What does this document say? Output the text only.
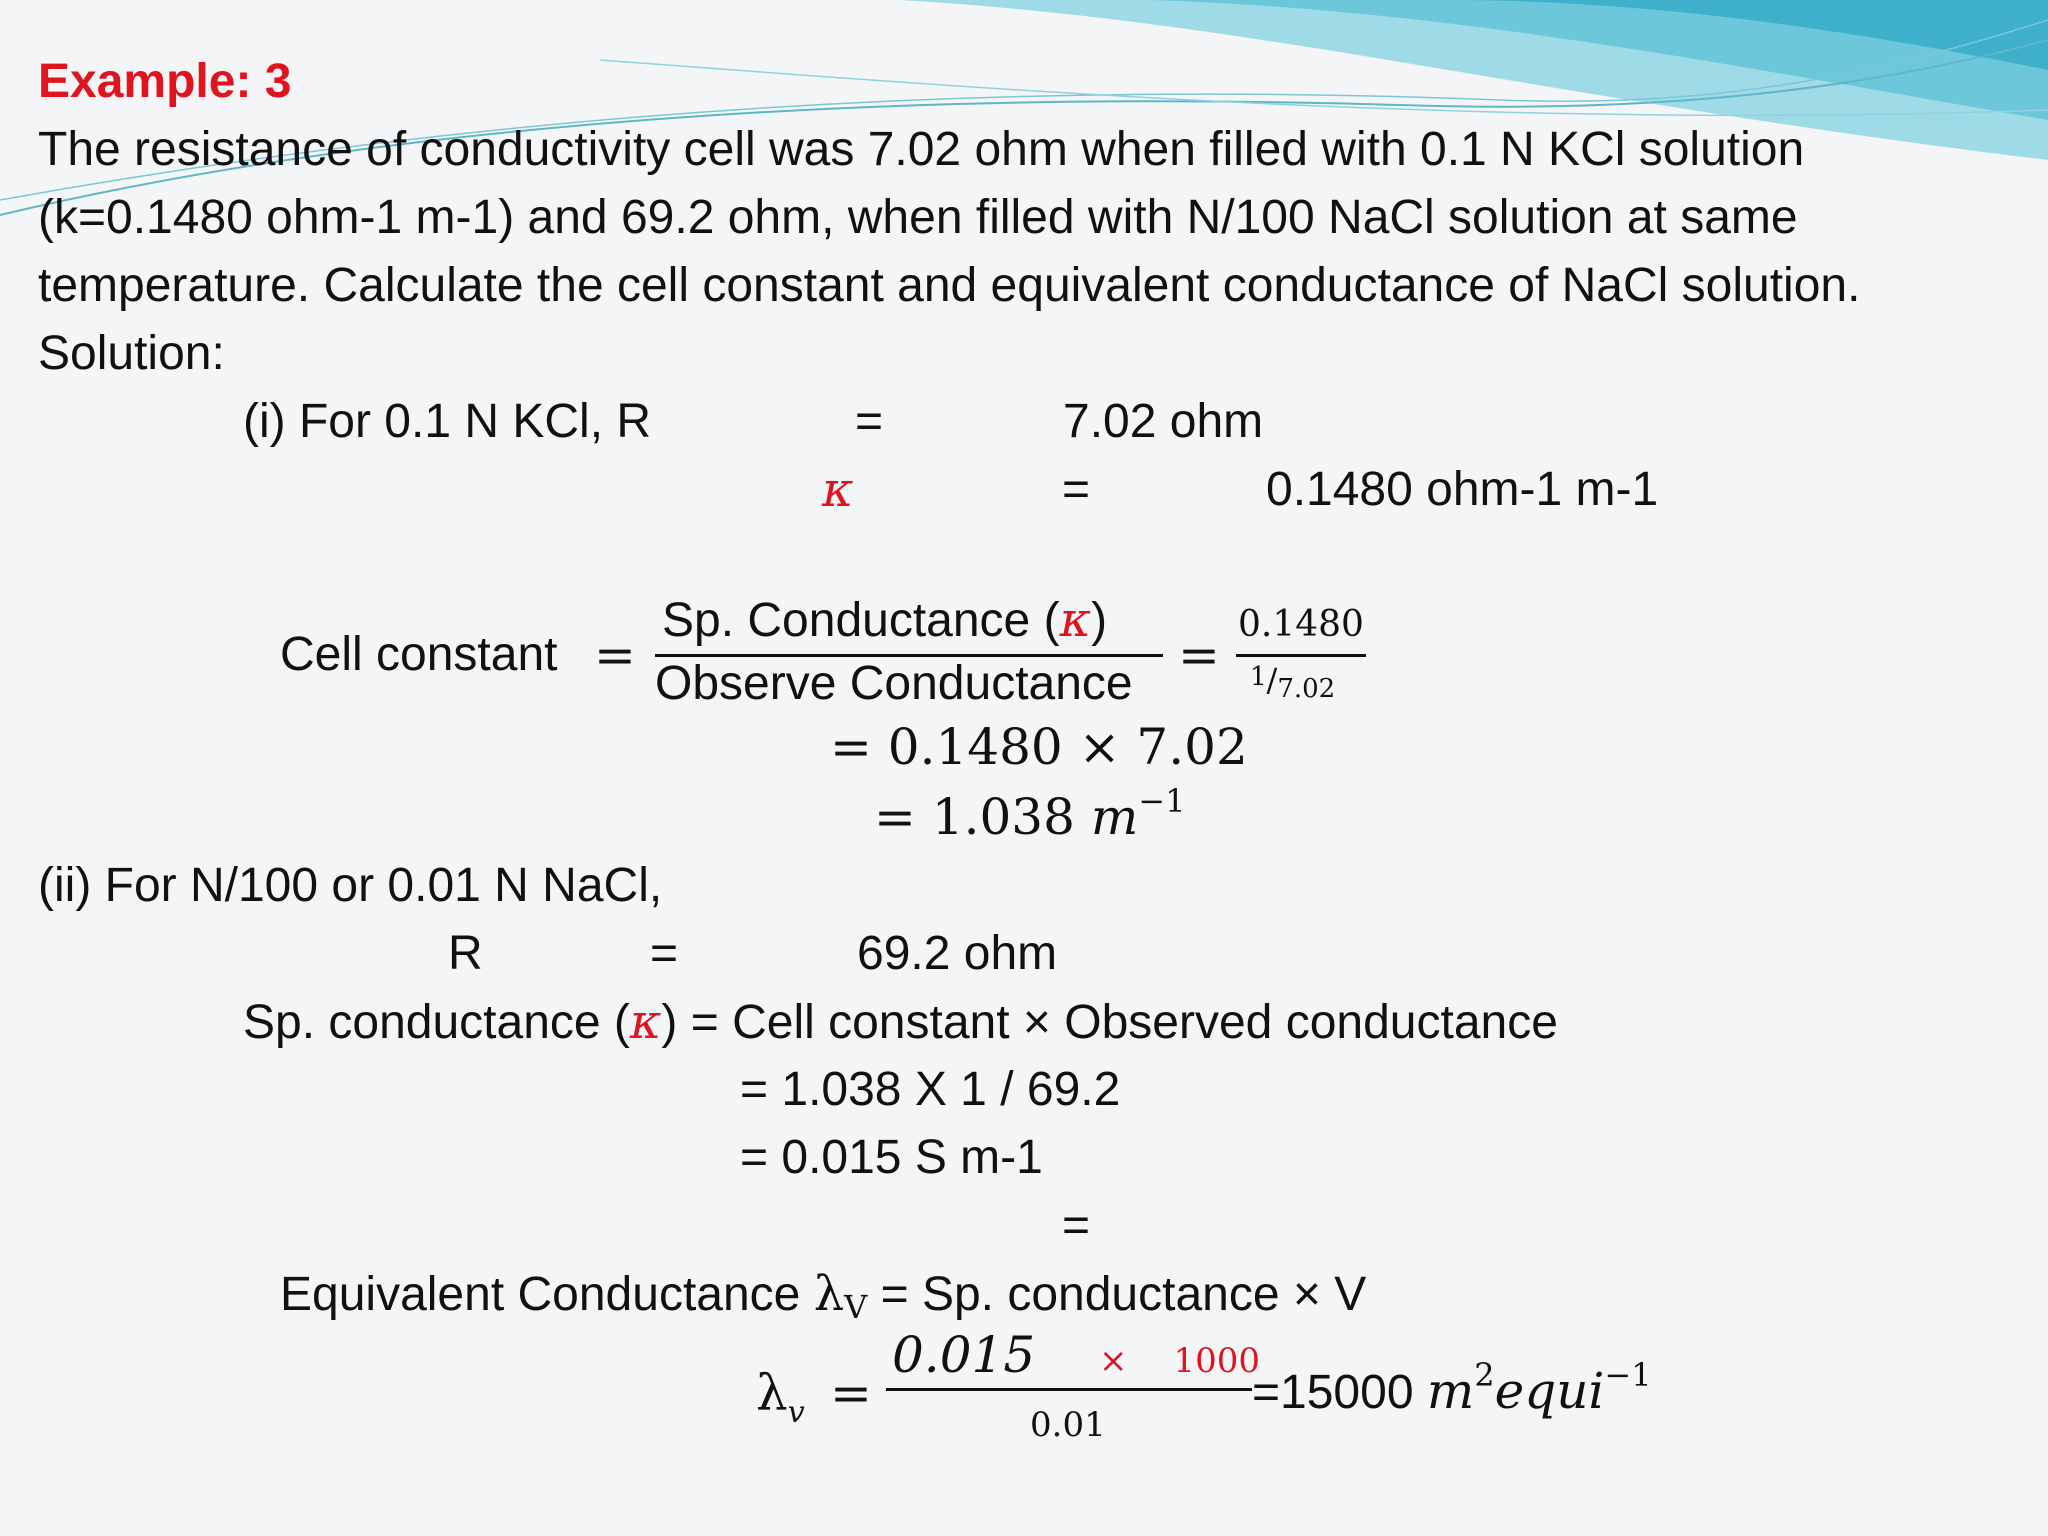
Example: 3
The resistance of conductivity cell was 7.02 ohm when filled with 0.1 N KCl solution
(k=0.1480 ohm-1 m-1) and 69.2 ohm, when filled with N/100 NaCl solution at same
temperature. Calculate the cell constant and equivalent conductance of NaCl solution.
Solution:
(i) For 0.1 N KCl, R	=	7.02 ohm
κ	=	0.1480 ohm-1 m-1
Cell constant =
Sp. Conductance (κ)
Observe Conductance =
0.1480
1/7.02
= 0.1480 × 7.02
= 1.038 $m^{-1}$
(ii) For N/100 or 0.01 N NaCl,
R	=	69.2 ohm
Sp. conductance (κ) = Cell constant × Observed conductance
= 1.038 X 1 / 69.2
= 0.015 S m-1
=
Equivalent Conductance λV = Sp. conductance × V
$\lambda_v$ =
0.015 × 1000
0.01
=15000 $m^2equi^{-1}$
